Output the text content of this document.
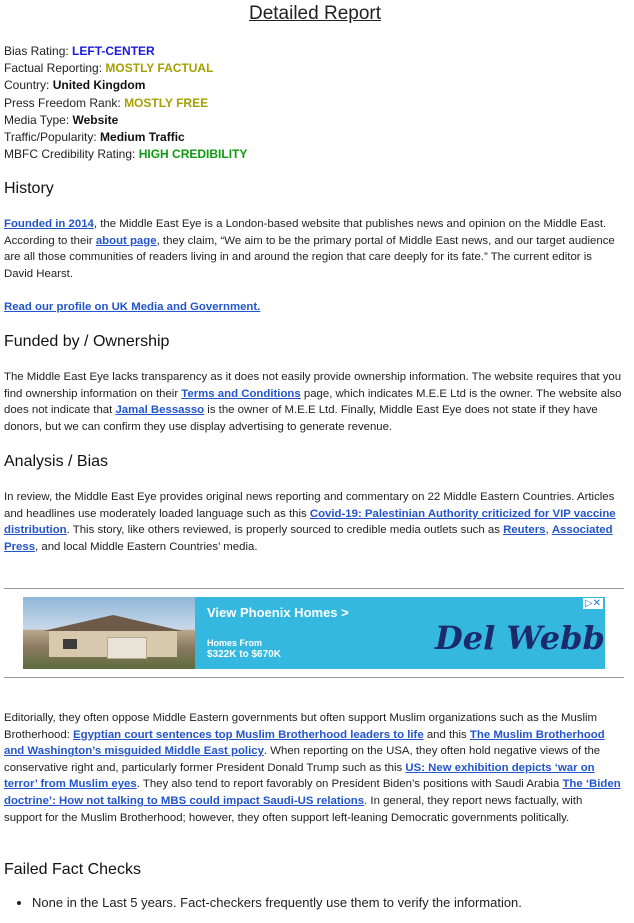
Detailed Report
Bias Rating: LEFT-CENTER
Factual Reporting: MOSTLY FACTUAL
Country: United Kingdom
Press Freedom Rank: MOSTLY FREE
Media Type: Website
Traffic/Popularity: Medium Traffic
MBFC Credibility Rating: HIGH CREDIBILITY
History

Founded in 2014, the Middle East Eye is a London-based website that publishes news and opinion on the Middle East. According to their about page, they claim, “We aim to be the primary portal of Middle East news, and our target audience are all those communities of readers living in and around the region that care deeply for its fate.” The current editor is David Hearst.

Read our profile on UK Media and Government.

Funded by / Ownership

The Middle East Eye lacks transparency as it does not easily provide ownership information. The website requires that you find ownership information on their Terms and Conditions page, which indicates M.E.E Ltd is the owner. The website also does not indicate that Jamal Bessasso is the owner of M.E.E Ltd. Finally, Middle East Eye does not state if they have donors, but we can confirm they use display advertising to generate revenue.

Analysis / Bias

In review, the Middle East Eye provides original news reporting and commentary on 22 Middle Eastern Countries. Articles and headlines use moderately loaded language such as this Covid-19: Palestinian Authority criticized for VIP vaccine distribution. This story, like others reviewed, is properly sourced to credible media outlets such as Reuters, Associated Press, and local Middle Eastern Countries’ media.

View Phoenix Homes >
Homes From
$322K to $670K	Del Webb
▷✕

Editorially, they often oppose Middle Eastern governments but often support Muslim organizations such as the Muslim Brotherhood: Egyptian court sentences top Muslim Brotherhood leaders to life and this The Muslim Brotherhood and Washington’s misguided Middle East policy. When reporting on the USA, they often hold negative views of the conservative right and, particularly former President Donald Trump such as this US: New exhibition depicts ‘war on terror’ from Muslim eyes. They also tend to report favorably on President Biden’s positions with Saudi Arabia The ‘Biden doctrine’: How not talking to MBS could impact Saudi-US relations. In general, they report news factually, with support for the Muslim Brotherhood; however, they often support left-leaning Democratic governments politically.

Failed Fact Checks
• None in the Last 5 years. Fact-checkers frequently use them to verify the information.
